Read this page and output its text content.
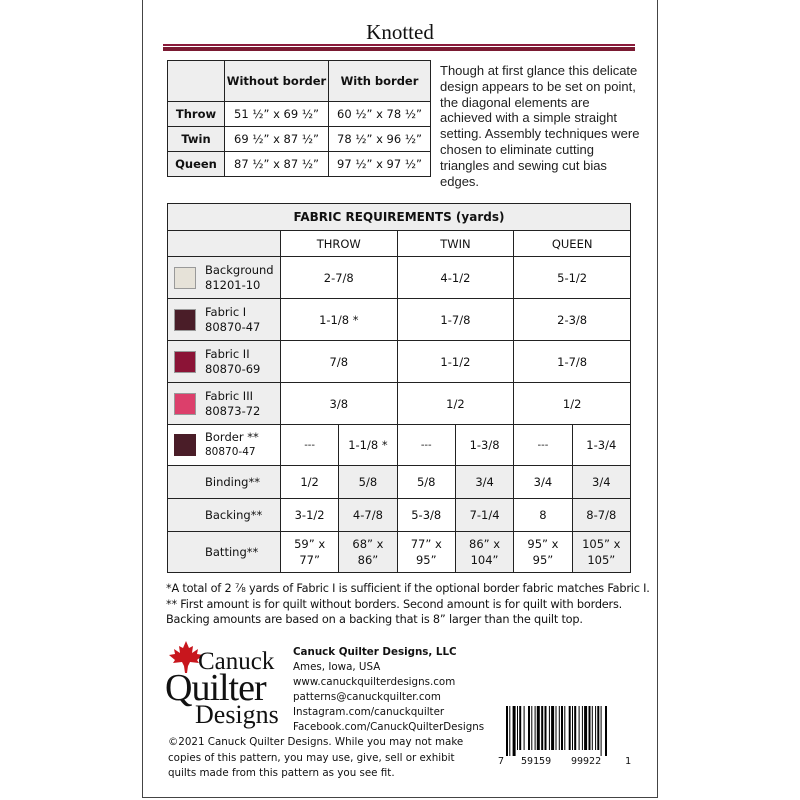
Knotted
	Without border	With border
Throw	51 ½” x 69 ½”	60 ½” x 78 ½”
Twin	69 ½” x 87 ½”	78 ½” x 96 ½”
Queen	87 ½” x 87 ½”	97 ½” x 97 ½”
Though at first glance this delicate design appears to be set on point, the diagonal elements are achieved with a simple straight setting. Assembly techniques were chosen to eliminate cutting triangles and sewing cut bias edges.
FABRIC REQUIREMENTS (yards)						
	THROW		TWIN		QUEEN	

Background
81201-10	2-7/8		4-1/2		5-1/2	

Fabric I
80870-47	1-1/8 *		1-7/8		2-3/8	

Fabric II
80870-69	7/8		1-1/2		1-7/8	

Fabric III
80873-72	3/8		1/2		1/2	

Border **
80870-47	---	1-1/8 *	---	1-3/8	---	1-3/4
Binding**	1/2	5/8	5/8	3/4	3/4	3/4
Backing**	3-1/2	4-7/8	5-3/8	7-1/4	8	8-7/8
Batting**	59” x 77”	68” x 86”	77” x 95”	86” x 104”	95” x 95”	105” x 105”
*A total of 2 ⅞ yards of Fabric I is sufficient if the optional border fabric matches Fabric I.
** First amount is for quilt without borders. Second amount is for quilt with borders.
Backing amounts are based on a backing that is 8” larger than the quilt top.
Canuck
Quilter
Designs
Canuck Quilter Designs, LLC
Ames, Iowa, USA
www.canuckquilterdesigns.com
patterns@canuckquilter.com
Instagram.com/canuckquilter
Facebook.com/CanuckQuilterDesigns
©2021 Canuck Quilter Designs. While you may not make copies of this pattern, you may use, give, sell or exhibit quilts made from this pattern as you see fit.
7 59159 99922 1
